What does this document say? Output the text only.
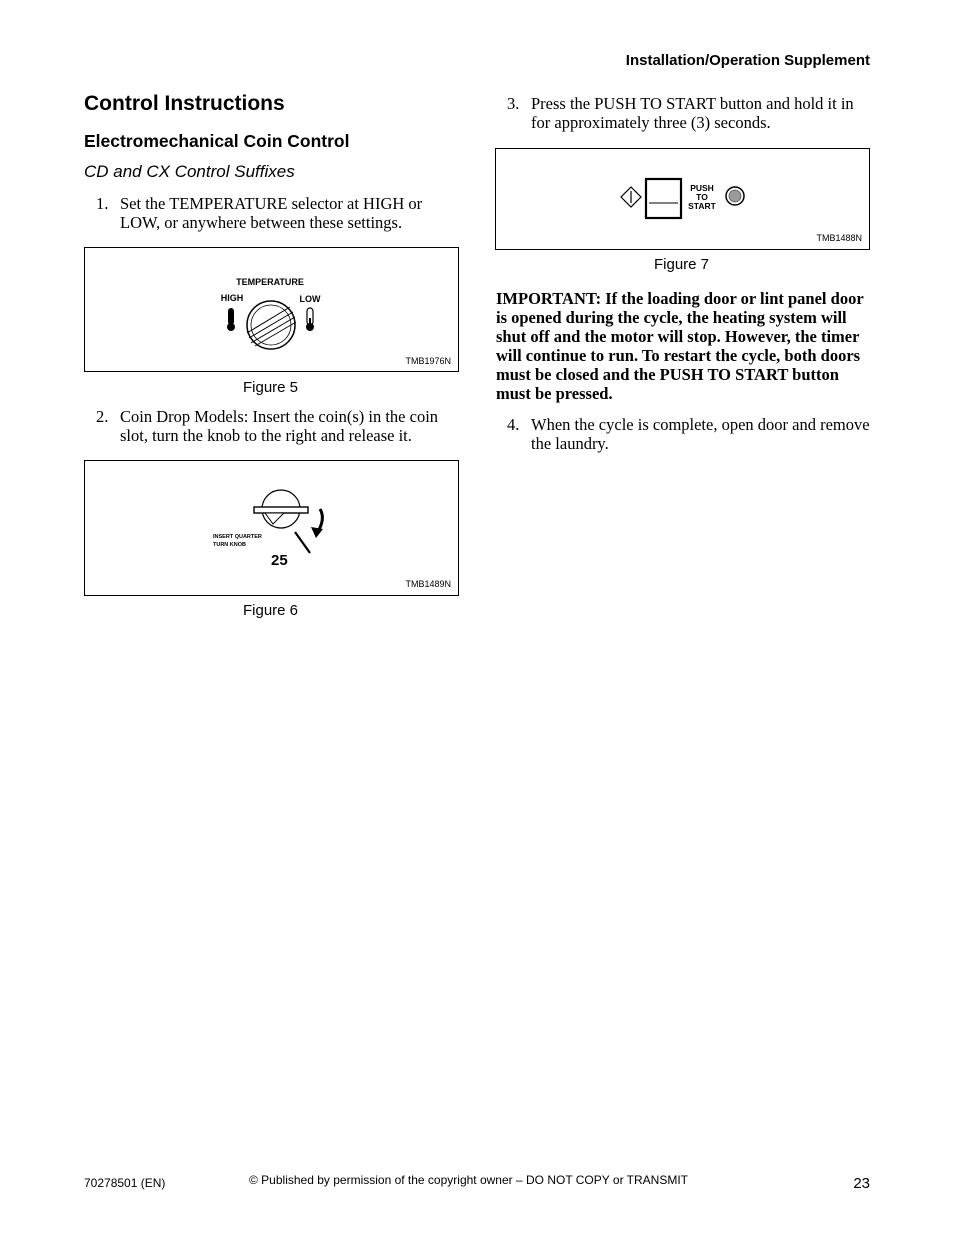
Installation/Operation Supplement
Control Instructions
Electromechanical Coin Control
CD and CX Control Suffixes
1. Set the TEMPERATURE selector at HIGH or LOW, or anywhere between these settings.
TEMPERATURE
HIGH	LOW
TMB1976N
Figure 5
2. Coin Drop Models: Insert the coin(s) in the coin slot, turn the knob to the right and release it.
INSERT QUARTER
TURN KNOB
25
TMB1489N
Figure 6
3. Press the PUSH TO START button and hold it in for approximately three (3) seconds.
PUSH
TO
START
TMB1488N
Figure 7
IMPORTANT: If the loading door or lint panel door is opened during the cycle, the heating system will shut off and the motor will stop. However, the timer will continue to run. To restart the cycle, both doors must be closed and the PUSH TO START button must be pressed.
4. When the cycle is complete, open door and remove the laundry.
70278501 (EN)	© Published by permission of the copyright owner – DO NOT COPY or TRANSMIT	23
